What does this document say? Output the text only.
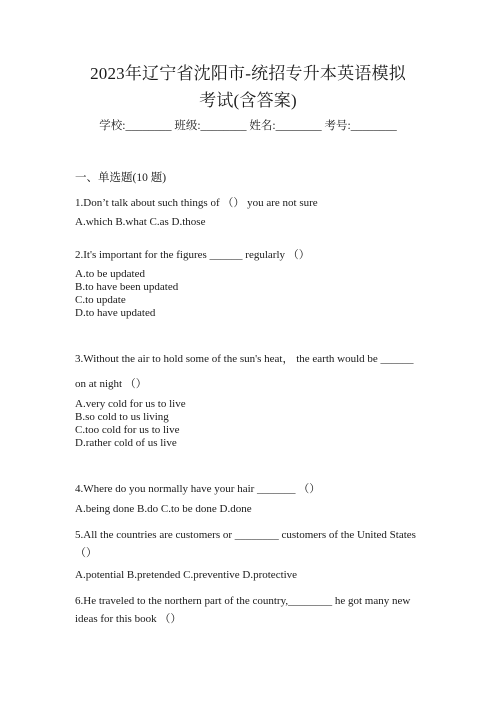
2023年辽宁省沈阳市-统招专升本英语模拟
考试(含答案)
学校:________ 班级:________ 姓名:________ 考号:________
一、单选题(10 题)
1.Don’t talk about such things of （） you are not sure
A.which B.what C.as D.those
2.It's important for the figures ______ regularly （）
A.to be updated
B.to have been updated
C.to update
D.to have updated
3.Without the air to hold some of the sun's heat， the earth would be ______
on at night （）
A.very cold for us to live
B.so cold to us living
C.too cold for us to live
D.rather cold of us live
4.Where do you normally have your hair _______ （）
A.being done B.do C.to be done D.done
5.All the countries are customers or ________ customers of the United States
（）
A.potential B.pretended C.preventive D.protective
6.He traveled to the northern part of the country,________ he got many new
ideas for this book （）
